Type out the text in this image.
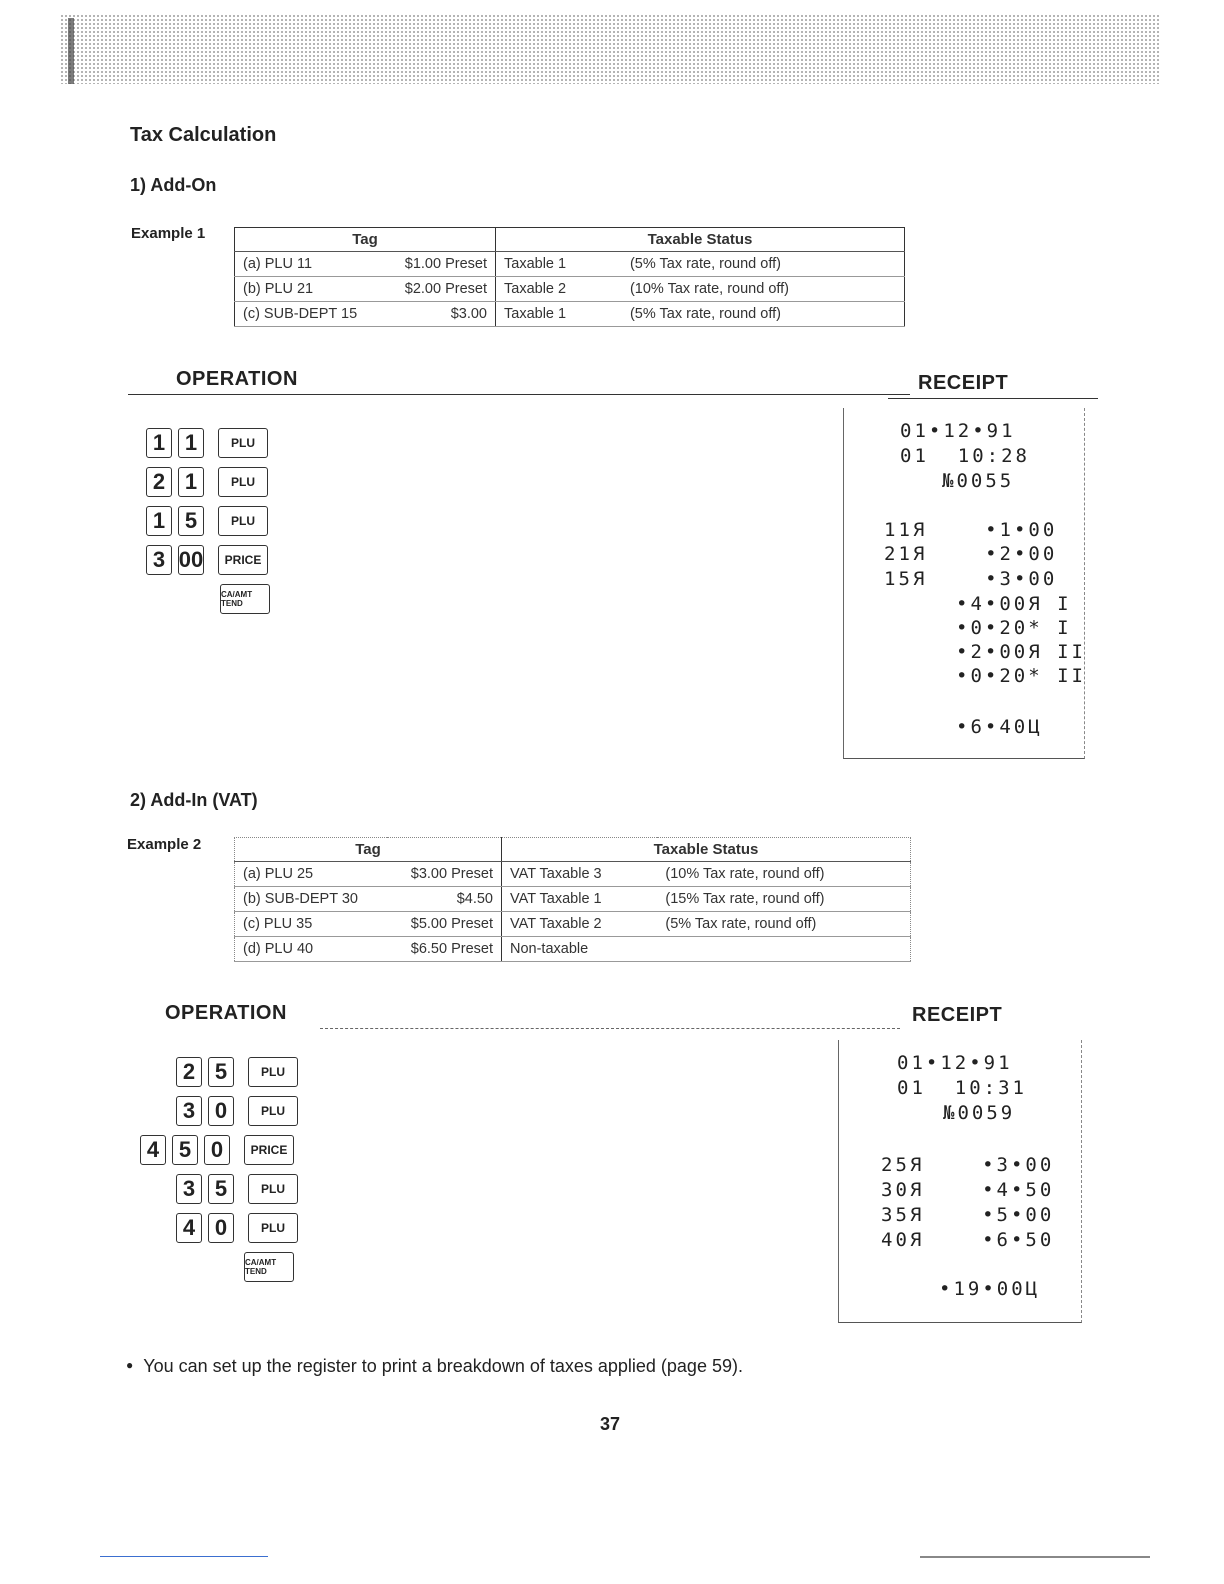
Tax Calculation
1) Add-On
Example 1	Tag		Taxable Status	
(a) PLU 11	$1.00 Preset	Taxable 1	(5% Tax rate, round off)
(b) PLU 21	$2.00 Preset	Taxable 2	(10% Tax rate, round off)
(c) SUB-DEPT 15	$3.00	Taxable 1	(5% Tax rate, round off)
OPERATION	RECEIPT
1 1	PLU
2 1	PLU
1 5	PLU
3 00	PRICE
CA/AMT TEND
01•12•91
01  10:28
№0055
11Я    •1•00
21Я    •2•00
15Я    •3•00
•4•00Я I
•0•20* I
•2•00Я II
•0•20* II
•6•40Ц
2) Add-In (VAT)
Example 2	Tag		Taxable Status	
(a) PLU 25	$3.00 Preset	VAT Taxable 3	(10% Tax rate, round off)
(b) SUB-DEPT 30	$4.50	VAT Taxable 1	(15% Tax rate, round off)
(c) PLU 35	$5.00 Preset	VAT Taxable 2	(5% Tax rate, round off)
(d) PLU 40	$6.50 Preset	Non-taxable	
OPERATION	RECEIPT
2 5	PLU
3 0	PLU
4 5 0	PRICE
3 5	PLU
4 0	PLU
CA/AMT TEND
01•12•91
01  10:31
№0059
25Я    •3•00
30Я    •4•50
35Я    •5•00
40Я    •6•50
•19•00Ц
● You can set up the register to print a breakdown of taxes applied (page 59).
37
